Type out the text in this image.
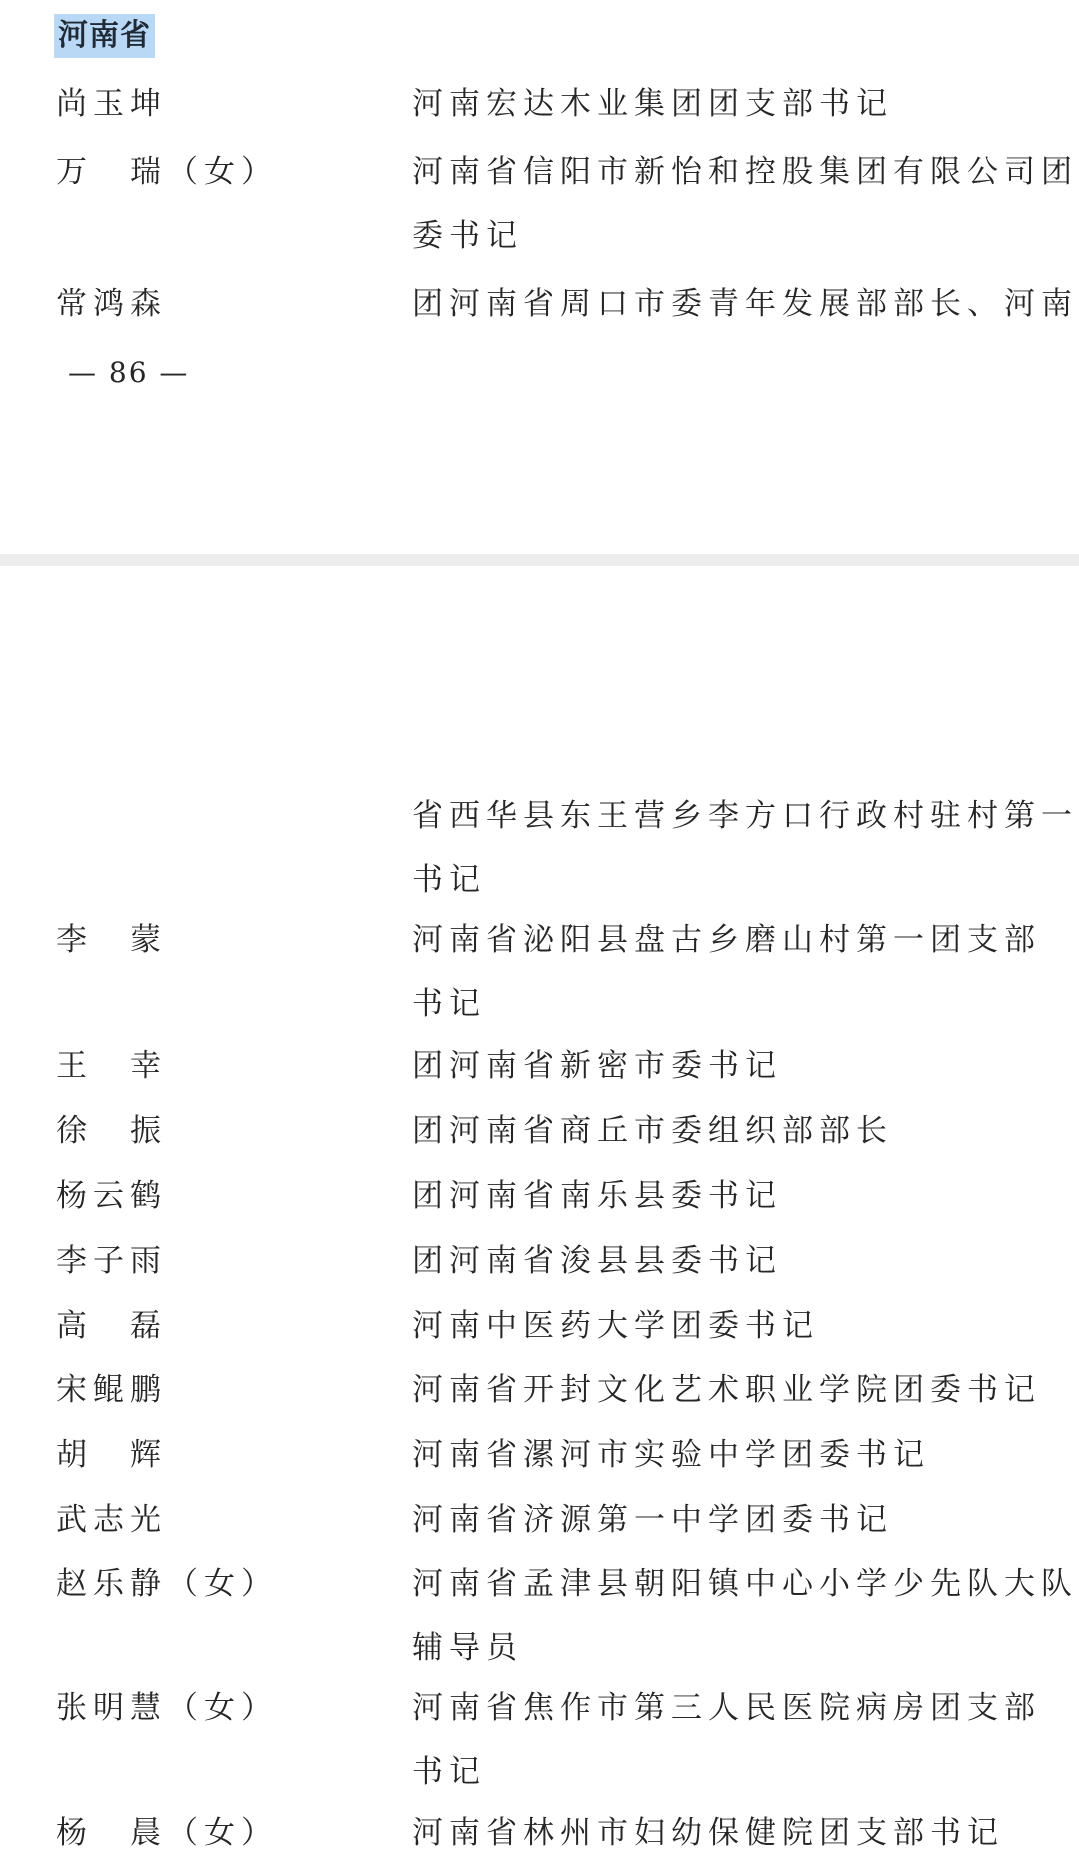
河南省
尚玉坤	河南宏达木业集团团支部书记
万　瑞（女）	河南省信阳市新怡和控股集团有限公司团
委书记
常鸿森	团河南省周口市委青年发展部部长、河南
— 86 —
省西华县东王营乡李方口行政村驻村第一
书记
李　蒙	河南省泌阳县盘古乡磨山村第一团支部
书记
王　幸	团河南省新密市委书记
徐　振	团河南省商丘市委组织部部长
杨云鹤	团河南省南乐县委书记
李子雨	团河南省浚县县委书记
高　磊	河南中医药大学团委书记
宋鲲鹏	河南省开封文化艺术职业学院团委书记
胡　辉	河南省漯河市实验中学团委书记
武志光	河南省济源第一中学团委书记
赵乐静（女）	河南省孟津县朝阳镇中心小学少先队大队
辅导员
张明慧（女）	河南省焦作市第三人民医院病房团支部
书记
杨　晨（女）	河南省林州市妇幼保健院团支部书记
